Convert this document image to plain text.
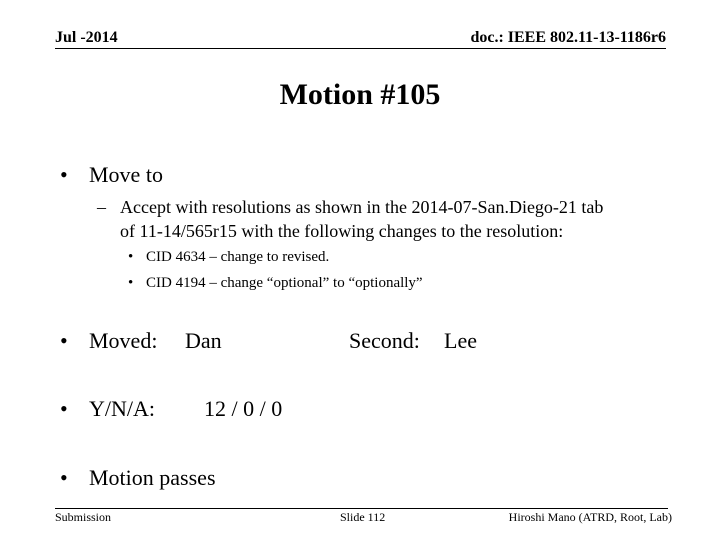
Jul -2014	doc.: IEEE 802.11-13-1186r6
Motion #105
• Move to
– Accept with resolutions as shown in the 2014-07-San.Diego-21 tab
of 11-14/565r15 with the following changes to the resolution:
• CID 4634 – change to revised.
• CID 4194 – change “optional” to “optionally”
• Moved: Dan	Second: Lee
• Y/N/A: 12 / 0 / 0
• Motion passes
Submission	Slide 112	Hiroshi Mano (ATRD, Root, Lab)
